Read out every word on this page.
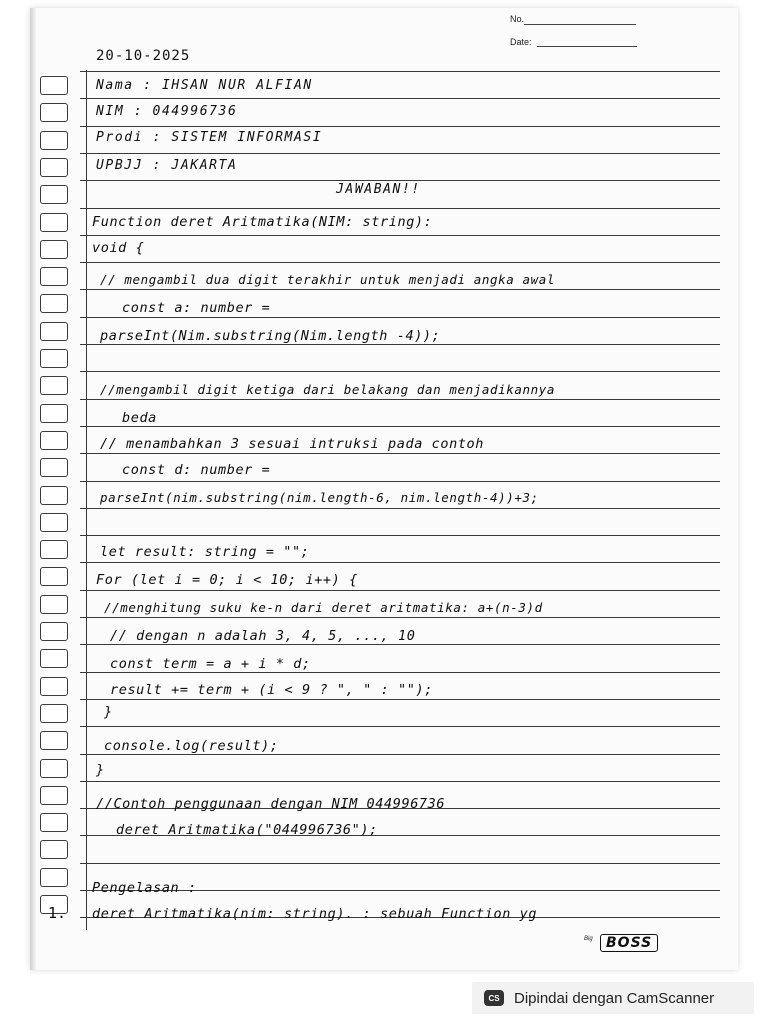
No.
Date:
20-10-2025
Nama : IHSAN NUR ALFIAN
NIM : 044996736
Prodi : SISTEM INFORMASI
UPBJJ : JAKARTA
JAWABAN!!
Function deret Aritmatika(NIM: string):
void {
// mengambil dua digit terakhir untuk menjadi angka awal
const a: number =
parseInt(Nim.substring(Nim.length -4));
//mengambil digit ketiga dari belakang dan menjadikannya
beda
// menambahkan 3 sesuai intruksi pada contoh
const d: number =
parseInt(nim.substring(nim.length-6, nim.length-4))+3;
let result: string = "";
For (let i = 0; i < 10; i++) {
//menghitung suku ke-n dari deret aritmatika: a+(n-3)d
// dengan n adalah 3, 4, 5, ..., 10
const term = a + i * d;
result += term + (i < 9 ? ", " : "");
}
console.log(result);
}
//Contoh penggunaan dengan NIM 044996736
deret Aritmatika("044996736");
Pengelasan :
deret Aritmatika(nim: string). : sebuah Function yg
1.
Big BOSS
CS Dipindai dengan CamScanner
